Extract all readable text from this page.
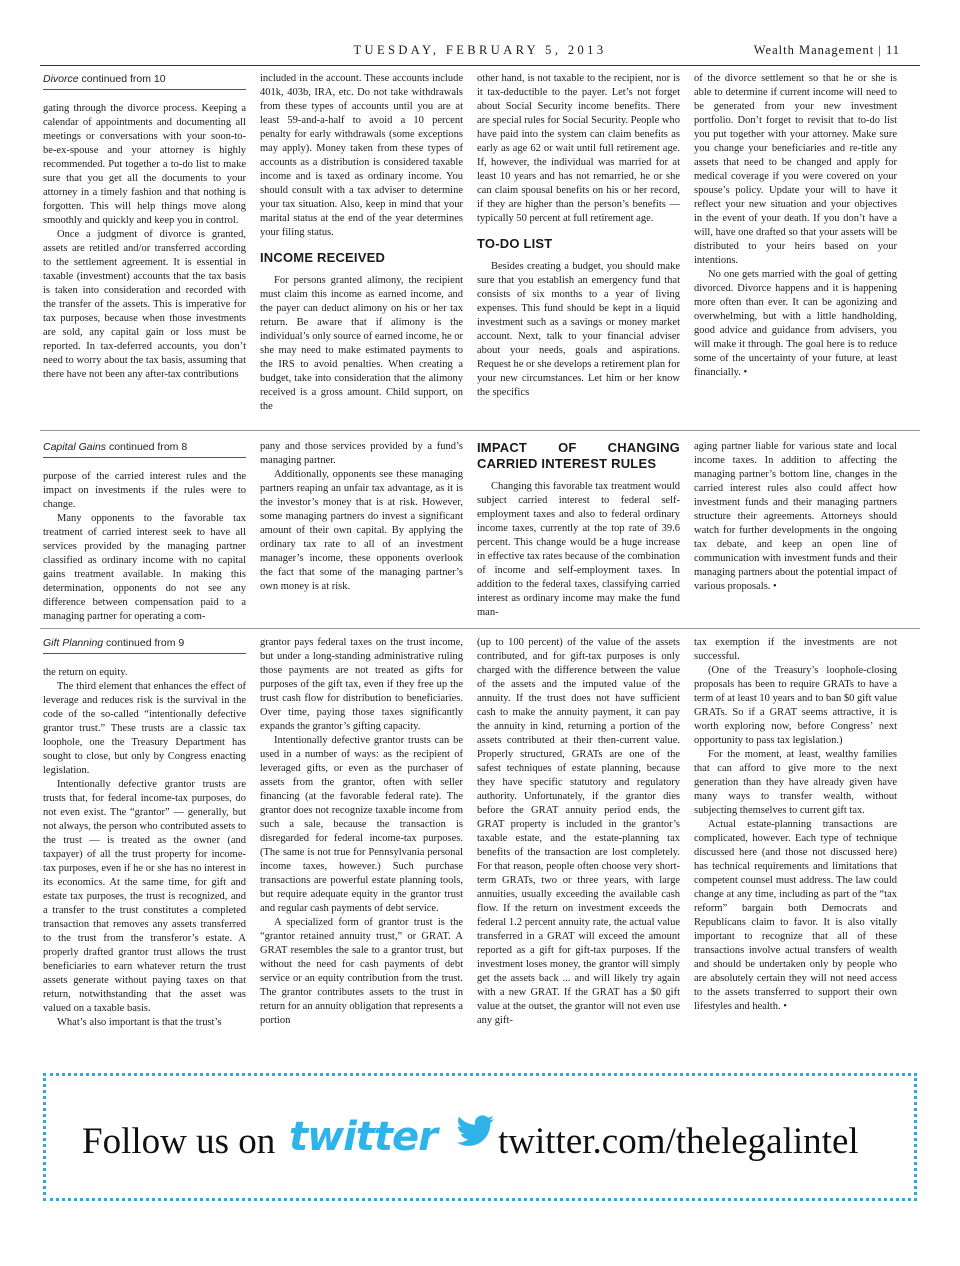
TUESDAY, FEBRUARY 5, 2013	Wealth Management | 11
Divorce continued from 10

gating through the divorce process. Keeping a calendar of appointments and documenting all meetings or conversations with your soon-to-be-ex-spouse and your attorney is highly recommended. Put together a to-do list to make sure that you get all the documents to your attorney in a timely fashion and that nothing is forgotten. This will help things move along smoothly and quickly and keep you in control.

Once a judgment of divorce is granted, assets are retitled and/or transferred according to the settlement agreement. It is essential in taxable (investment) accounts that the tax basis is taken into consideration and recorded with the transfer of the assets. This is imperative for tax purposes, because when those investments are sold, any capital gain or loss must be reported. In tax-deferred accounts, you don’t need to worry about the tax basis, assuming that there have not been any after-tax contributions

included in the account. These accounts include 401k, 403b, IRA, etc. Do not take withdrawals from these types of accounts until you are at least 59-and-a-half to avoid a 10 percent penalty for early withdrawals (some exceptions may apply). Money taken from these types of accounts as a distribution is considered taxable income and is taxed as ordinary income. You should consult with a tax adviser to determine your tax situation. Also, keep in mind that your marital status at the end of the year determines your filing status.

INCOME RECEIVED

For persons granted alimony, the recipient must claim this income as earned income, and the payer can deduct alimony on his or her tax return. Be aware that if alimony is the individual’s only source of earned income, he or she may need to make estimated payments to the IRS to avoid penalties. When creating a budget, take into consideration that the alimony received is a gross amount. Child support, on the

other hand, is not taxable to the recipient, nor is it tax-deductible to the payer. Let’s not forget about Social Security income benefits. There are special rules for Social Security. People who have paid into the system can claim benefits as early as age 62 or wait until full retirement age. If, however, the individual was married for at least 10 years and has not remarried, he or she can claim spousal benefits on his or her record, if they are higher than the person’s benefits — typically 50 percent at full retirement age.

TO-DO LIST

Besides creating a budget, you should make sure that you establish an emergency fund that consists of six months to a year of living expenses. This fund should be kept in a liquid investment such as a savings or money market account. Next, talk to your financial adviser about your needs, goals and aspirations. Request he or she develops a retirement plan for your new circumstances. Let him or her know the specifics

of the divorce settlement so that he or she is able to determine if current income will need to be generated from your new investment portfolio. Don’t forget to revisit that to-do list you put together with your attorney. Make sure you change your beneficiaries and re-title any assets that need to be changed and apply for medical coverage if you were covered on your spouse’s policy. Update your will to have it reflect your new situation and your objectives in the event of your death. If you don’t have a will, have one drafted so that your assets will be distributed to your heirs based on your intentions.

No one gets married with the goal of getting divorced. Divorce happens and it is happening more often than ever. It can be agonizing and overwhelming, but with a little handholding, good advice and guidance from advisers, you will make it through. The goal here is to reduce some of the uncertainty of your future, at least financially. •

Capital Gains continued from 8

purpose of the carried interest rules and the impact on investments if the rules were to change.

Many opponents to the favorable tax treatment of carried interest seek to have all services provided by the managing partner classified as ordinary income with no capital gains treatment available. In making this determination, opponents do not see any difference between compensation paid to a managing partner for operating a com-

pany and those services provided by a fund’s managing partner.

Additionally, opponents see these managing partners reaping an unfair tax advantage, as it is the investor’s money that is at risk. However, some managing partners do invest a significant amount of their own capital. By applying the ordinary tax rate to all of an investment manager’s income, these opponents overlook the fact that some of the managing partner’s own money is at risk.

IMPACT OF CHANGING CARRIED INTEREST RULES

Changing this favorable tax treatment would subject carried interest to federal self-employment taxes and also to federal ordinary income taxes, currently at the top rate of 39.6 percent. This change would be a huge increase in effective tax rates because of the combination of income and self-employment taxes. In addition to the federal taxes, classifying carried interest as ordinary income may make the fund man-

aging partner liable for various state and local income taxes. In addition to affecting the managing partner’s bottom line, changes in the carried interest rules also could affect how investment funds and their managing partners structure their agreements. Attorneys should watch for further developments in the ongoing tax debate, and keep an open line of communication with investment funds and their managing partners about the potential impact of various proposals. •

Gift Planning continued from 9

the return on equity.

The third element that enhances the effect of leverage and reduces risk is the survival in the code of the so-called “intentionally defective grantor trust.” These trusts are a classic tax loophole, one the Treasury Department has sought to close, but only by Congress enacting legislation.

Intentionally defective grantor trusts are trusts that, for federal income-tax purposes, do not even exist. The “grantor” — generally, but not always, the person who contributed assets to the trust — is treated as the owner (and taxpayer) of all the trust property for income-tax purposes, even if he or she has no interest in its economics. At the same time, for gift and estate tax purposes, the trust is recognized, and a transfer to the trust constitutes a completed transaction that removes any assets transferred to the trust from the transferor’s estate. A properly drafted grantor trust allows the trust beneficiaries to earn whatever return the trust assets generate without paying taxes on that return, notwithstanding that the asset was valued on a taxable basis.

What’s also important is that the trust’s

grantor pays federal taxes on the trust income, but under a long-standing administrative ruling those payments are not treated as gifts for purposes of the gift tax, even if they free up the trust cash flow for distribution to beneficiaries. Over time, paying those taxes significantly expands the grantor’s gifting capacity.

Intentionally defective grantor trusts can be used in a number of ways: as the recipient of leveraged gifts, or even as the purchaser of assets from the grantor, often with seller financing (at the favorable federal rate). The grantor does not recognize taxable income from such a sale, because the transaction is disregarded for federal income-tax purposes. (The same is not true for Pennsylvania personal income taxes, however.) Such purchase transactions are powerful estate planning tools, but require adequate equity in the grantor trust and regular cash payments of debt service.

A specialized form of grantor trust is the “grantor retained annuity trust,” or GRAT. A GRAT resembles the sale to a grantor trust, but without the need for cash payments of debt service or an equity contribution from the trust. The grantor contributes assets to the trust in return for an annuity obligation that represents a portion

(up to 100 percent) of the value of the assets contributed, and for gift-tax purposes is only charged with the difference between the value of the assets and the imputed value of the annuity. If the trust does not have sufficient cash to make the annuity payment, it can pay the annuity in kind, returning a portion of the assets contributed at their then-current value. Properly structured, GRATs are one of the safest techniques of estate planning, because they have specific statutory and regulatory authority. Unfortunately, if the grantor dies before the GRAT annuity period ends, the GRAT property is included in the grantor’s taxable estate, and the estate-planning tax benefits of the transaction are lost completely. For that reason, people often choose very short-term GRATs, two or three years, with large annuities, usually exceeding the available cash flow. If the return on investment exceeds the federal 1.2 percent annuity rate, the actual value transferred in a GRAT will exceed the amount reported as a gift for gift-tax purposes. If the investment loses money, the grantor will simply get the assets back ... and will likely try again with a new GRAT. If the GRAT has a $0 gift value at the outset, the grantor will not even use any gift-

tax exemption if the investments are not successful.

(One of the Treasury’s loophole-closing proposals has been to require GRATs to have a term of at least 10 years and to ban $0 gift value GRATs. So if a GRAT seems attractive, it is worth exploring now, before Congress’ next opportunity to pass tax legislation.)

For the moment, at least, wealthy families that can afford to give more to the next generation than they have already given have many ways to transfer wealth, without subjecting themselves to current gift tax.

Actual estate-planning transactions are complicated, however. Each type of technique discussed here (and those not discussed here) has technical requirements and limitations that competent counsel must address. The law could change at any time, including as part of the “tax reform” bargain both Democrats and Republicans claim to favor. It is also vitally important to recognize that all of these transactions involve actual transfers of wealth and should be undertaken only by people who are absolutely certain they will not need access to the assets transferred to support their own lifestyles and health. •

Follow us on twitter twitter.com/thelegalintel
